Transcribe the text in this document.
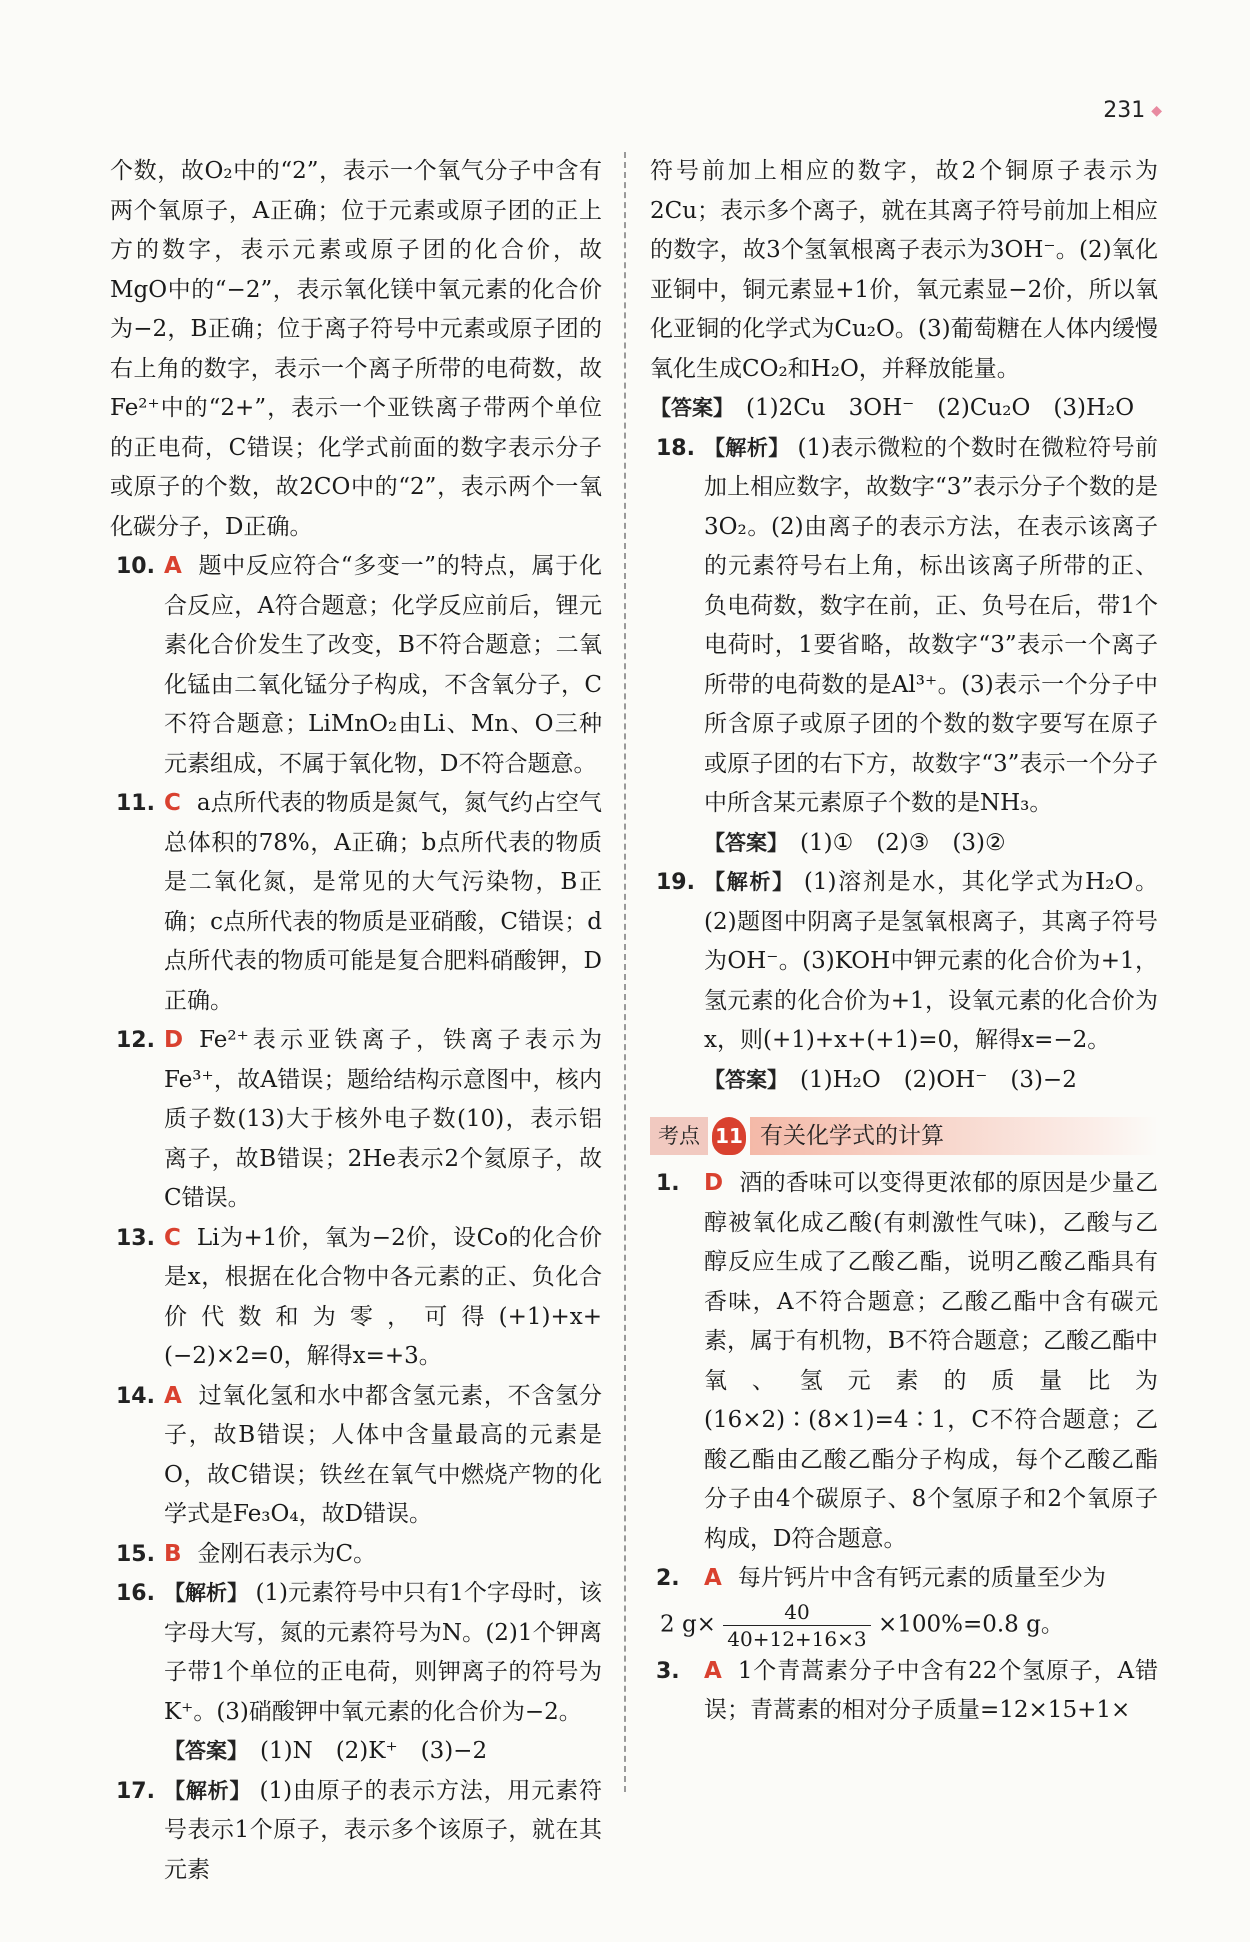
231 ◆

个数，故O₂中的“2”，表示一个氧气分子中含有两个氧原子，A正确；位于元素或原子团的正上方的数字，表示元素或原子团的化合价，故MgO中的“−2”，表示氧化镁中氧元素的化合价为−2，B正确；位于离子符号中元素或原子团的右上角的数字，表示一个离子所带的电荷数，故Fe²⁺中的“2+”，表示一个亚铁离子带两个单位的正电荷，C错误；化学式前面的数字表示分子或原子的个数，故2CO中的“2”，表示两个一氧化碳分子，D正确。

10. A 题中反应符合“多变一”的特点，属于化合反应，A符合题意；化学反应前后，锂元素化合价发生了改变，B不符合题意；二氧化锰由二氧化锰分子构成，不含氧分子，C不符合题意；LiMnO₂由Li、Mn、O三种元素组成，不属于氧化物，D不符合题意。
11. C a点所代表的物质是氮气，氮气约占空气总体积的78%，A正确；b点所代表的物质是二氧化氮，是常见的大气污染物，B正确；c点所代表的物质是亚硝酸，C错误；d点所代表的物质可能是复合肥料硝酸钾，D正确。
12. D Fe²⁺表示亚铁离子，铁离子表示为Fe³⁺，故A错误；题给结构示意图中，核内质子数(13)大于核外电子数(10)，表示铝离子，故B错误；2He表示2个氦原子，故C错误。
13. C Li为+1价，氧为−2价，设Co的化合价是x，根据在化合物中各元素的正、负化合价代数和为零，可得(+1)+x+(−2)×2=0，解得x=+3。
14. A 过氧化氢和水中都含氢元素，不含氢分子，故B错误；人体中含量最高的元素是O，故C错误；铁丝在氧气中燃烧产物的化学式是Fe₃O₄，故D错误。
15. B 金刚石表示为C。
16. 【解析】 (1)元素符号中只有1个字母时，该字母大写，氮的元素符号为N。(2)1个钾离子带1个单位的正电荷，则钾离子的符号为K⁺。(3)硝酸钾中氧元素的化合价为−2。
【答案】 (1)N　(2)K⁺　(3)−2
17. 【解析】 (1)由原子的表示方法，用元素符号表示1个原子，表示多个该原子，就在其元素

符号前加上相应的数字，故2个铜原子表示为2Cu；表示多个离子，就在其离子符号前加上相应的数字，故3个氢氧根离子表示为3OH⁻。(2)氧化亚铜中，铜元素显+1价，氧元素显−2价，所以氧化亚铜的化学式为Cu₂O。(3)葡萄糖在人体内缓慢氧化生成CO₂和H₂O，并释放能量。

【答案】 (1)2Cu　3OH⁻　(2)Cu₂O　(3)H₂O
18. 【解析】 (1)表示微粒的个数时在微粒符号前加上相应数字，故数字“3”表示分子个数的是3O₂。(2)由离子的表示方法，在表示该离子的元素符号右上角，标出该离子所带的正、负电荷数，数字在前，正、负号在后，带1个电荷时，1要省略，故数字“3”表示一个离子所带的电荷数的是Al³⁺。(3)表示一个分子中所含原子或原子团的个数的数字要写在原子或原子团的右下方，故数字“3”表示一个分子中所含某元素原子个数的是NH₃。
【答案】 (1)①　(2)③　(3)②
19. 【解析】 (1)溶剂是水，其化学式为H₂O。(2)题图中阴离子是氢氧根离子，其离子符号为OH⁻。(3)KOH中钾元素的化合价为+1，氢元素的化合价为+1，设氧元素的化合价为x，则(+1)+x+(+1)=0，解得x=−2。
【答案】 (1)H₂O　(2)OH⁻　(3)−2
考点 11 有关化学式的计算
1. D 酒的香味可以变得更浓郁的原因是少量乙醇被氧化成乙酸(有刺激性气味)，乙酸与乙醇反应生成了乙酸乙酯，说明乙酸乙酯具有香味，A不符合题意；乙酸乙酯中含有碳元素，属于有机物，B不符合题意；乙酸乙酯中氧、氢元素的质量比为(16×2)∶(8×1)=4∶1，C不符合题意；乙酸乙酯由乙酸乙酯分子构成，每个乙酸乙酯分子由4个碳原子、8个氢原子和2个氧原子构成，D符合题意。
2. A 每片钙片中含有钙元素的质量至少为
2 $g\times \frac{40}{40+12+16\times 3} \times 100\%=0.8$ g。
3. A 1个青蒿素分子中含有22个氢原子，A错误；青蒿素的相对分子质量=12×15+1×
